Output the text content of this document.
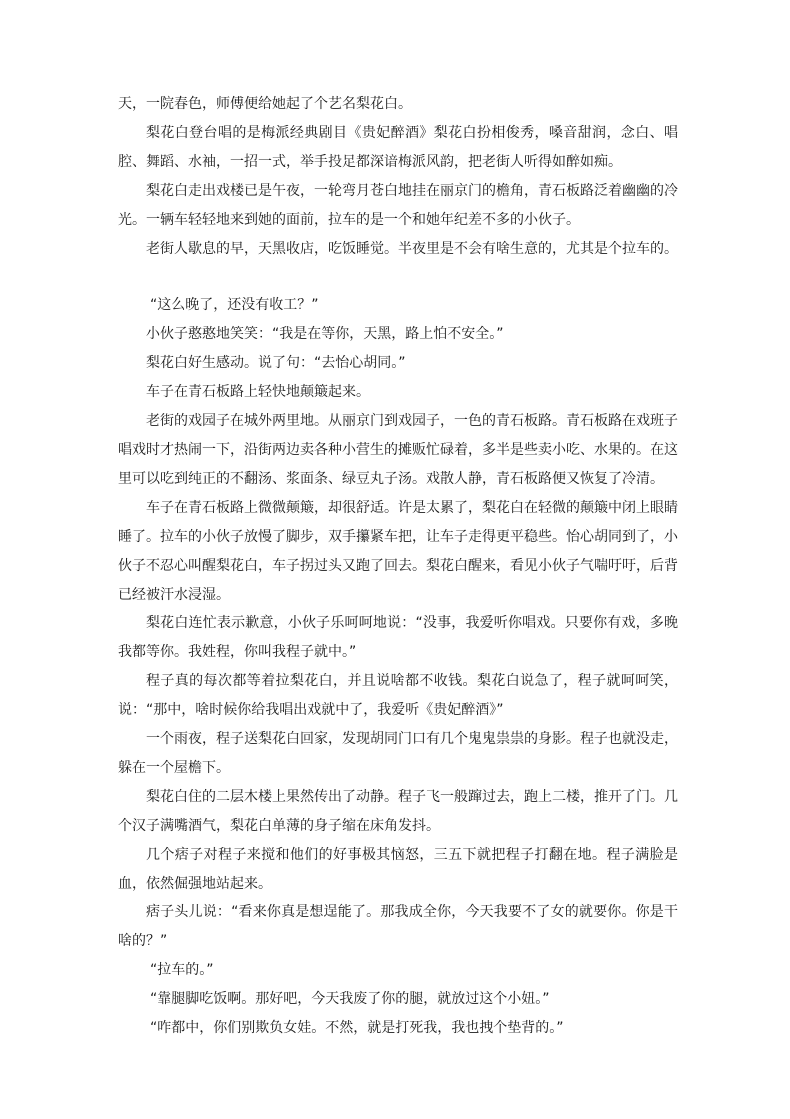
天，一院春色，师傅便给她起了个艺名梨花白。

梨花白登台唱的是梅派经典剧目《贵妃醉酒》梨花白扮相俊秀，嗓音甜润，念白、唱腔、舞蹈、水袖，一招一式，举手投足都深谙梅派风韵，把老街人听得如醉如痴。

梨花白走出戏楼已是午夜，一轮弯月苍白地挂在丽京门的檐角，青石板路泛着幽幽的冷光。一辆车轻轻地来到她的面前，拉车的是一个和她年纪差不多的小伙子。

老街人歇息的早，天黑收店，吃饭睡觉。半夜里是不会有啥生意的，尤其是个拉车的。

“这么晚了，还没有收工？”

小伙子憨憨地笑笑：“我是在等你，天黑，路上怕不安全。”

梨花白好生感动。说了句：“去怡心胡同。”

车子在青石板路上轻快地颠簸起来。

老街的戏园子在城外两里地。从丽京门到戏园子，一色的青石板路。青石板路在戏班子唱戏时才热闹一下，沿街两边卖各种小营生的摊贩忙碌着，多半是些卖小吃、水果的。在这里可以吃到纯正的不翻汤、浆面条、绿豆丸子汤。戏散人静，青石板路便又恢复了冷清。

车子在青石板路上微微颠簸，却很舒适。许是太累了，梨花白在轻微的颠簸中闭上眼睛睡了。拉车的小伙子放慢了脚步，双手攥紧车把，让车子走得更平稳些。怡心胡同到了，小伙子不忍心叫醒梨花白，车子拐过头又跑了回去。梨花白醒来，看见小伙子气喘吁吁，后背已经被汗水浸湿。

梨花白连忙表示歉意，小伙子乐呵呵地说：“没事，我爱听你唱戏。只要你有戏，多晚我都等你。我姓程，你叫我程子就中。”

程子真的每次都等着拉梨花白，并且说啥都不收钱。梨花白说急了，程子就呵呵笑，说：“那中，啥时候你给我唱出戏就中了，我爱听《贵妃醉酒》”

一个雨夜，程子送梨花白回家，发现胡同门口有几个鬼鬼祟祟的身影。程子也就没走，躲在一个屋檐下。

梨花白住的二层木楼上果然传出了动静。程子飞一般蹿过去，跑上二楼，推开了门。几个汉子满嘴酒气，梨花白单薄的身子缩在床角发抖。

几个痞子对程子来搅和他们的好事极其恼怒，三五下就把程子打翻在地。程子满脸是血，依然倔强地站起来。

痞子头儿说：“看来你真是想逞能了。那我成全你，今天我要不了女的就要你。你是干啥的？”

“拉车的。”

“靠腿脚吃饭啊。那好吧，今天我废了你的腿，就放过这个小妞。”

“咋都中，你们别欺负女娃。不然，就是打死我，我也拽个垫背的。”
